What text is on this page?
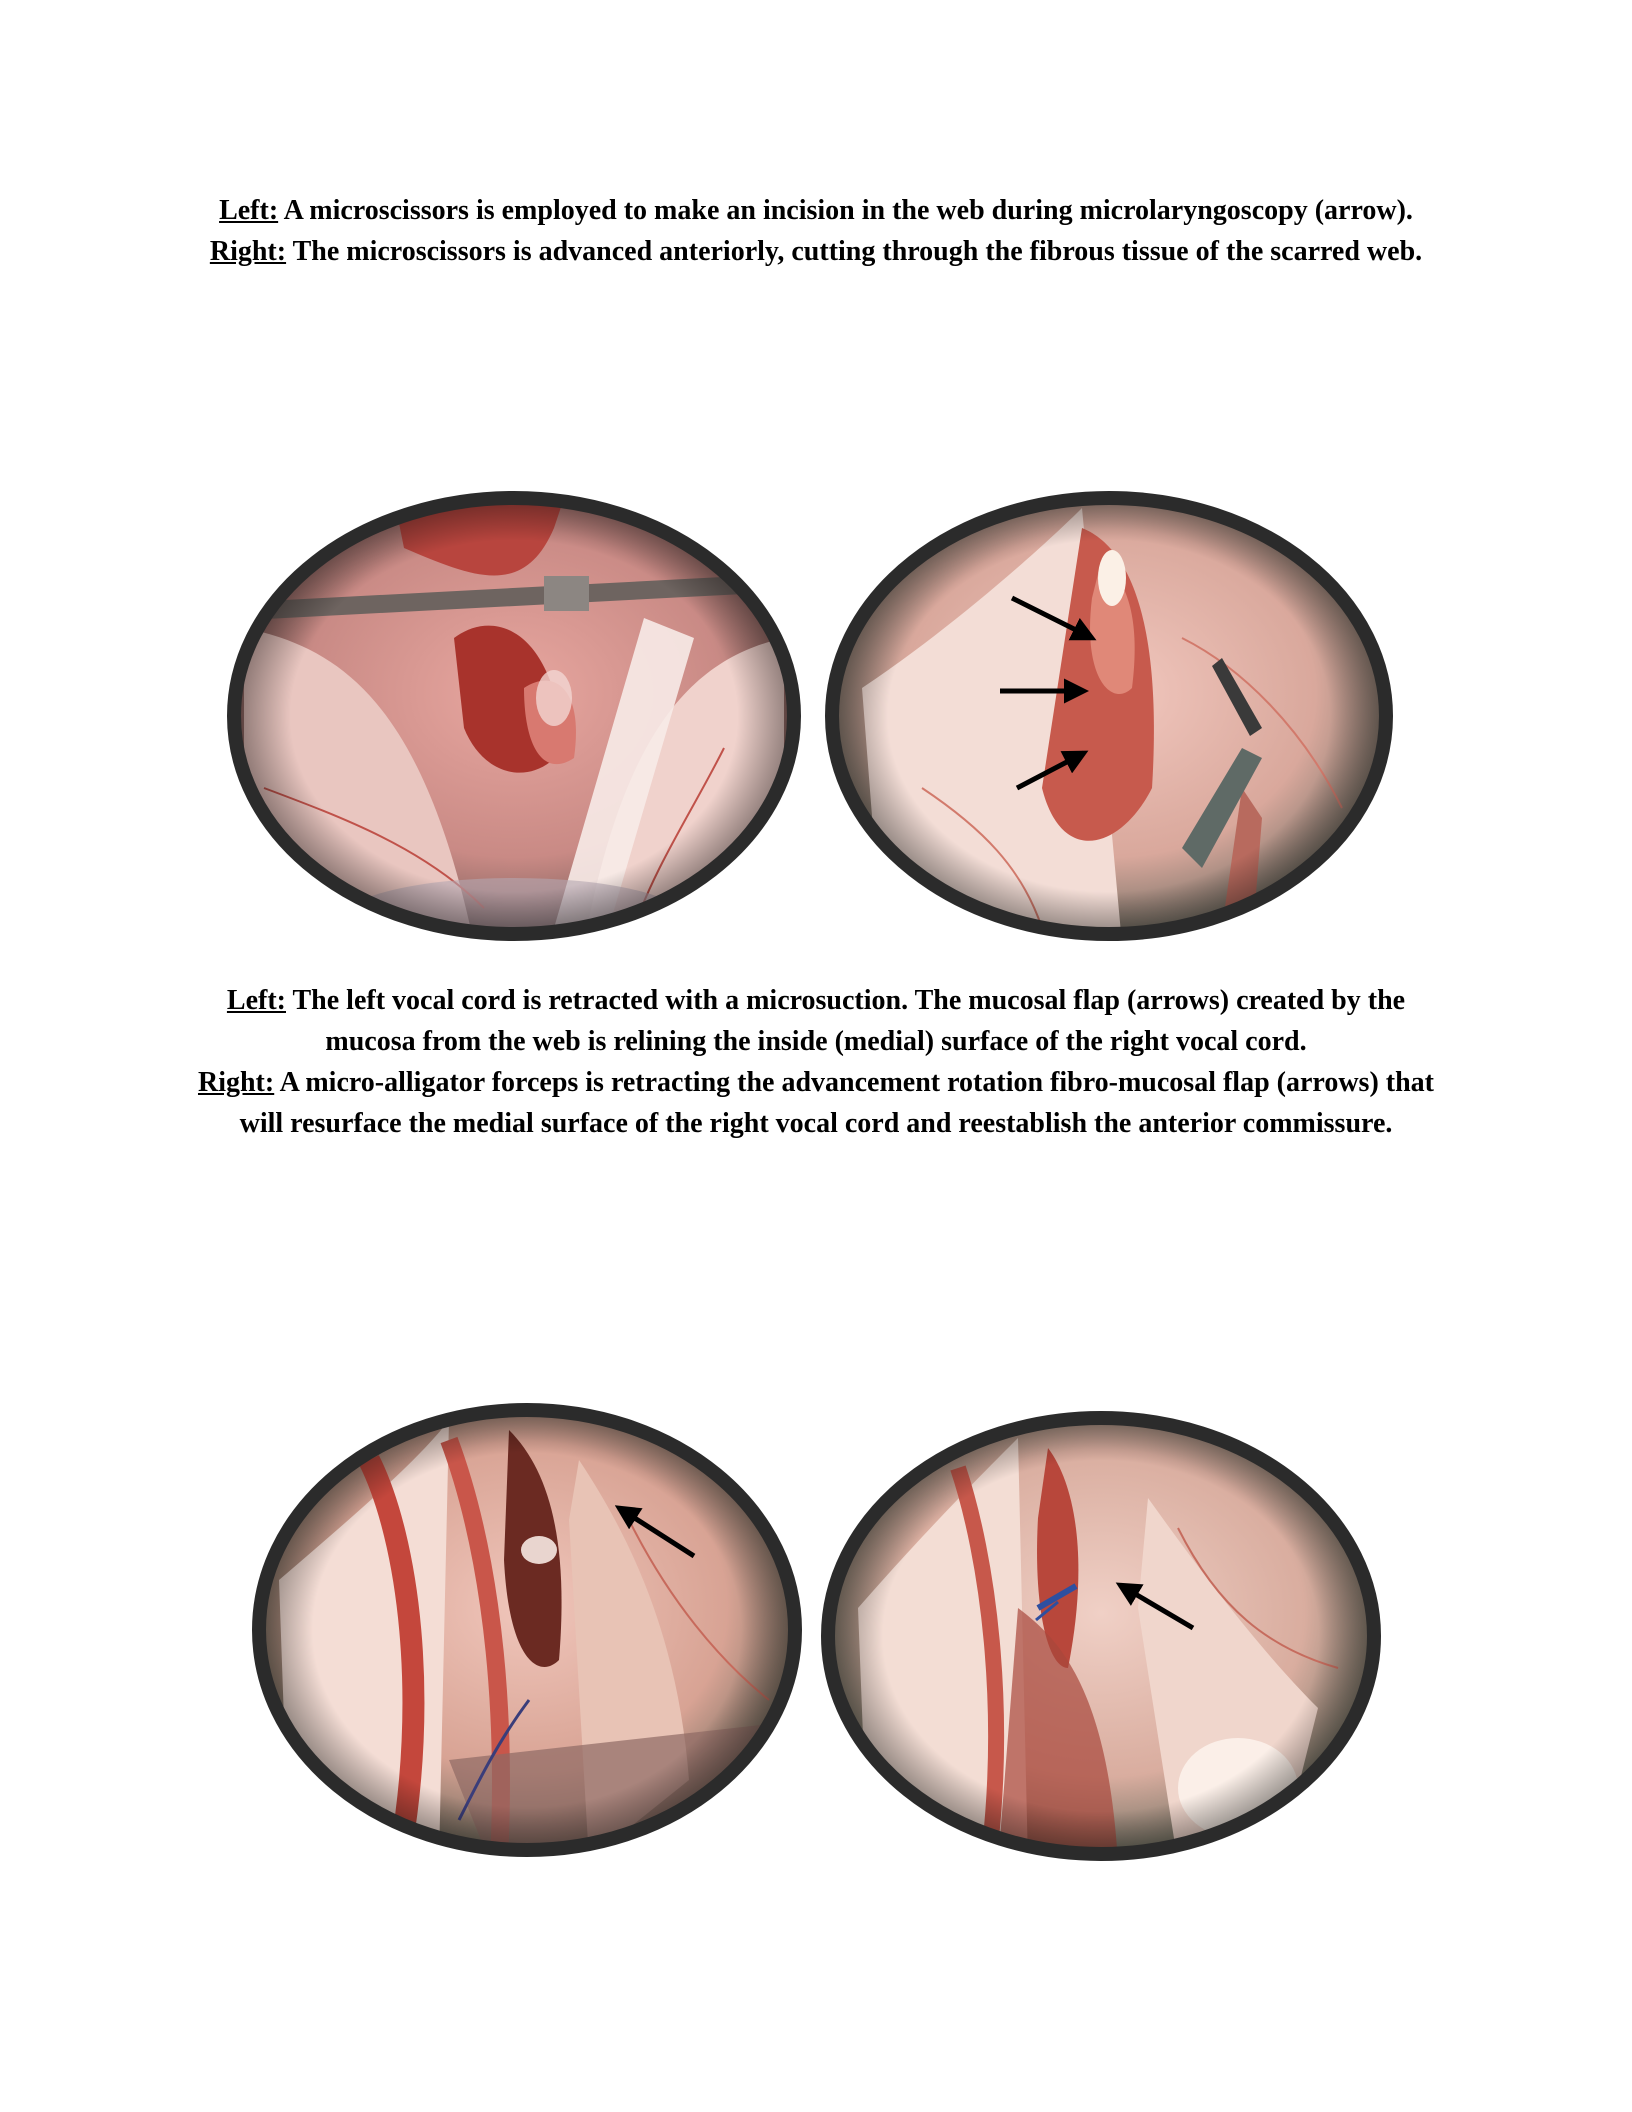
Left: A microscissors is employed to make an incision in the web during microlaryngoscopy (arrow).

Right: The microscissors is advanced anteriorly, cutting through the fibrous tissue of the scarred web.

Left: The left vocal cord is retracted with a microsuction. The mucosal flap (arrows) created by the mucosa from the web is relining the inside (medial) surface of the right vocal cord.

Right: A micro-alligator forceps is retracting the advancement rotation fibro-mucosal flap (arrows) that will resurface the medial surface of the right vocal cord and reestablish the anterior commissure.
